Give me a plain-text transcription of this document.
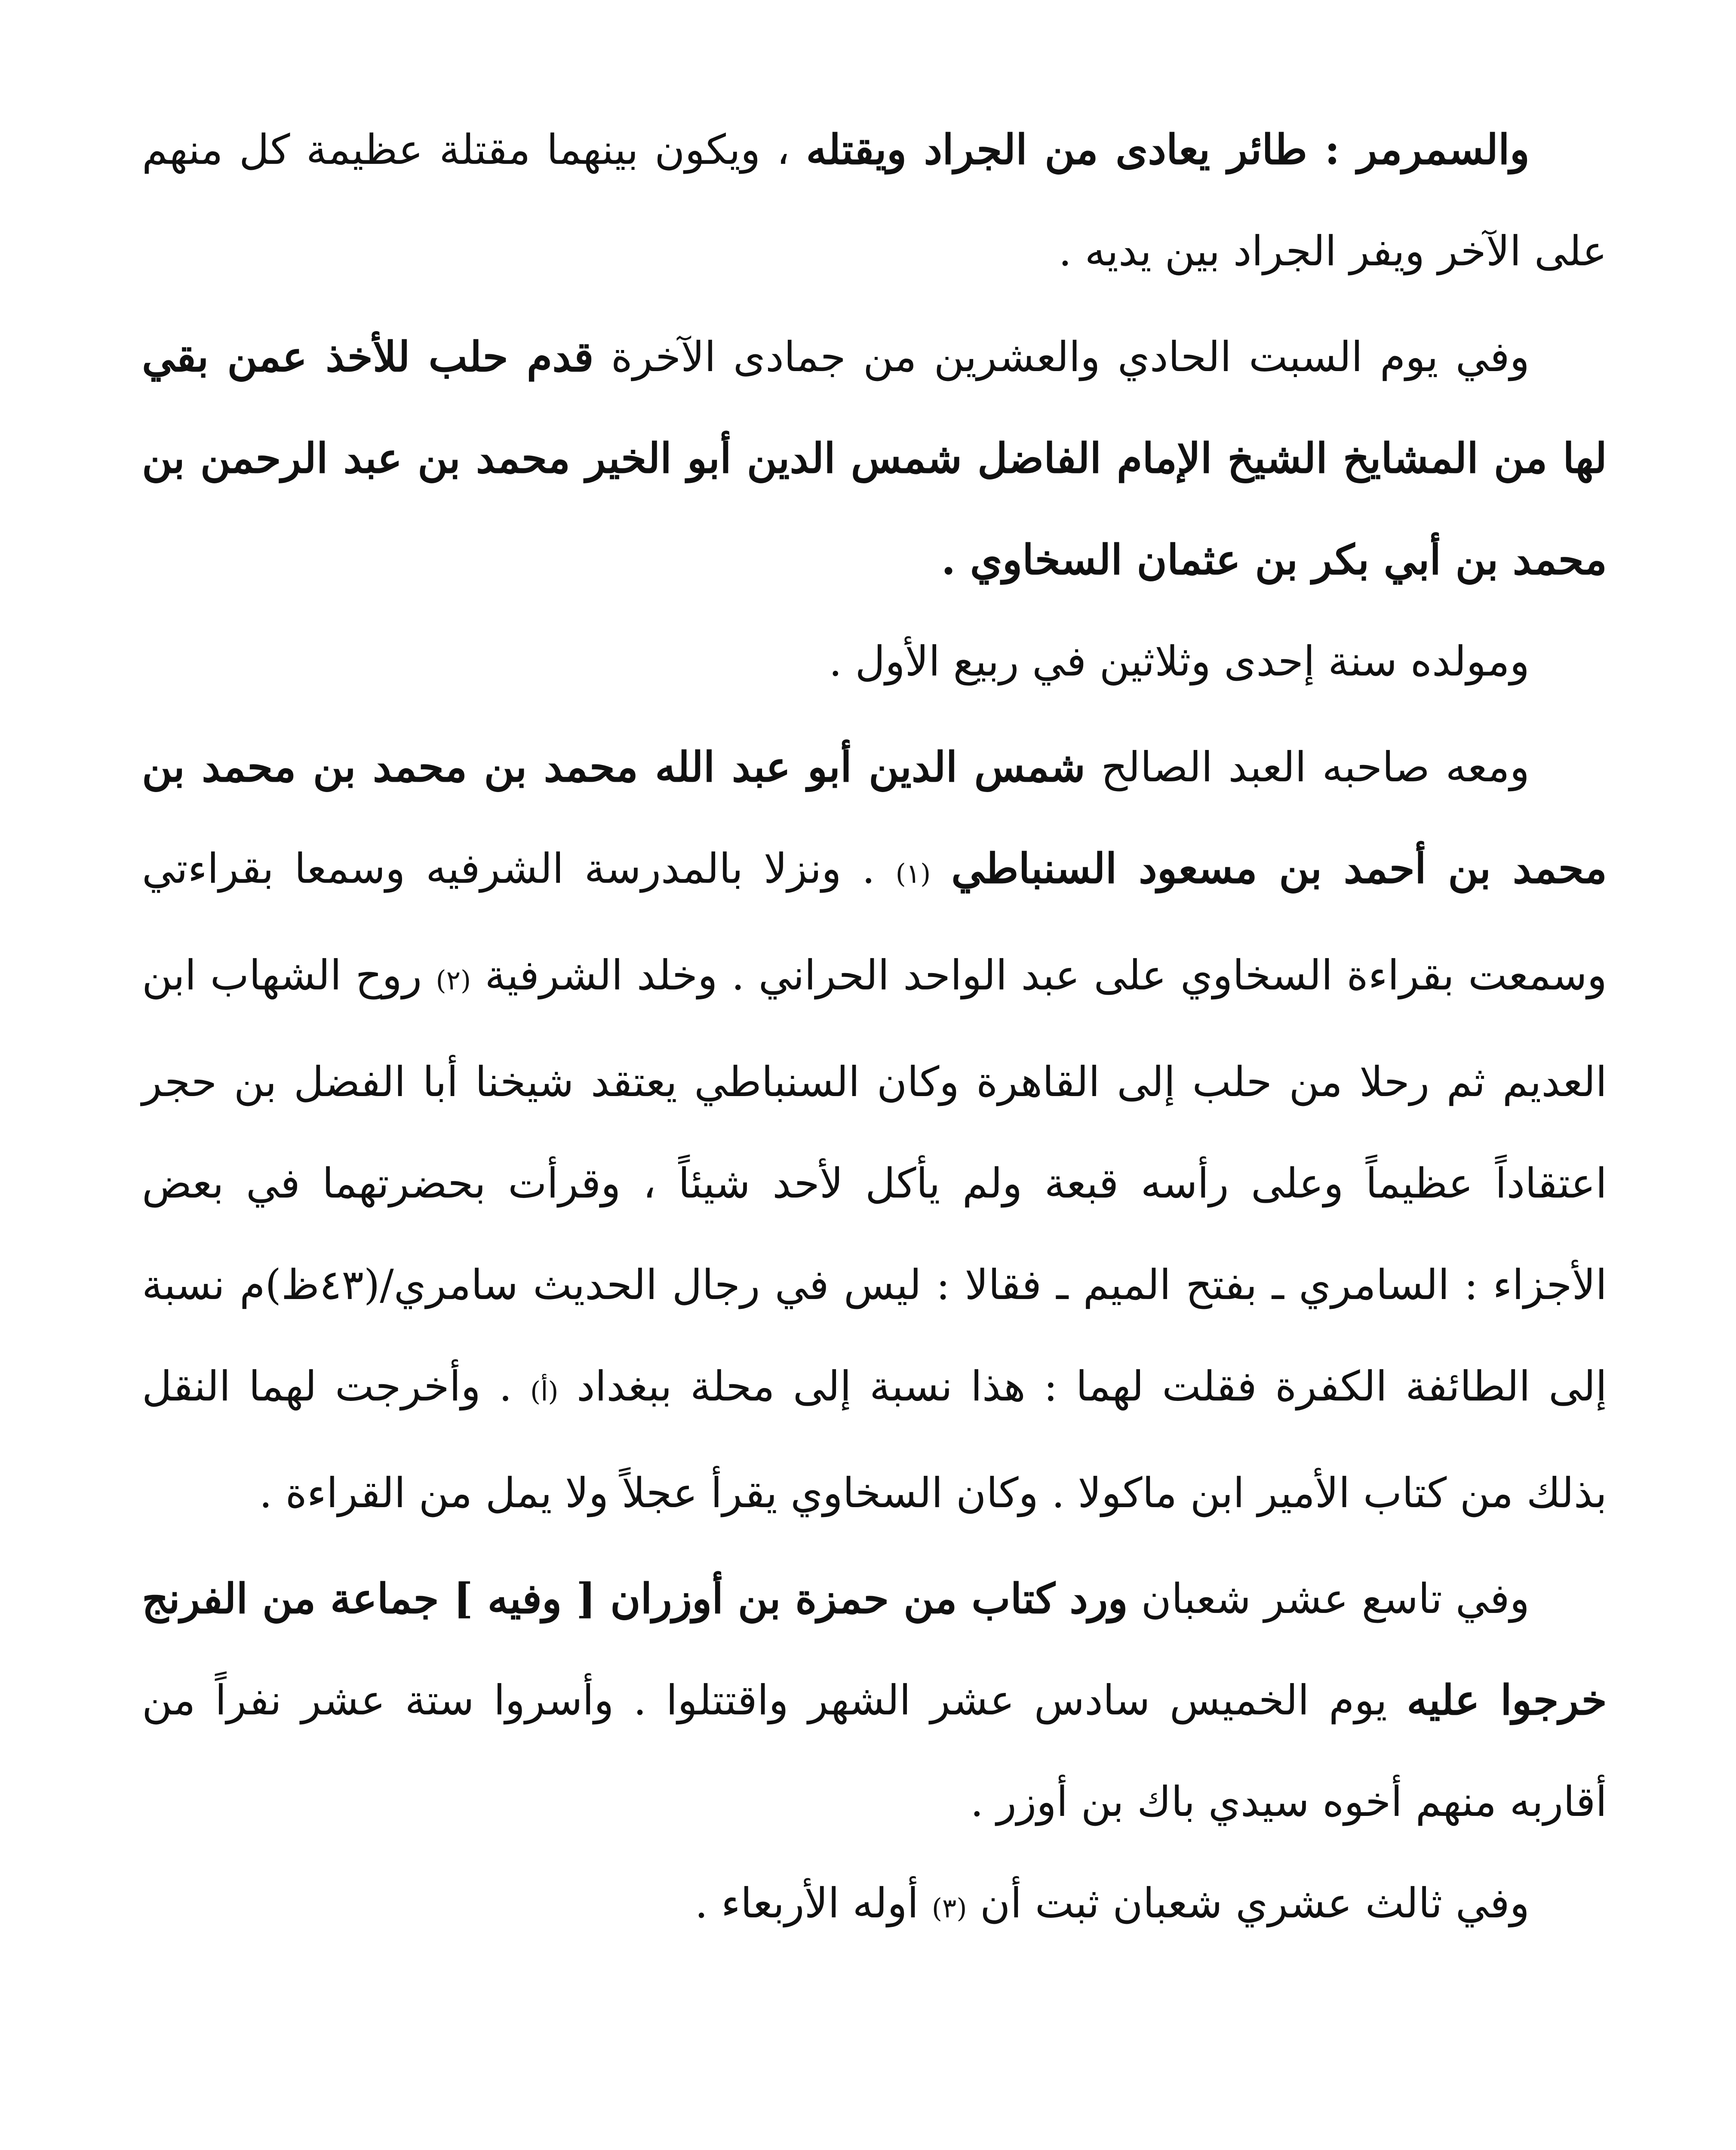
والسمرمر : طائر يعادى من الجراد ويقتله ، ويكون بينهما مقتلة عظيمة كل منهم على الآخر ويفر الجراد بين يديه .

وفي يوم السبت الحادي والعشرين من جمادى الآخرة قدم حلب للأخذ عمن بقي لها من المشايخ الشيخ الإمام الفاضل شمس الدين أبو الخير محمد بن عبد الرحمن بن محمد بن أبي بكر بن عثمان السخاوي .

ومولده سنة إحدى وثلاثين في ربيع الأول .

ومعه صاحبه العبد الصالح شمس الدين أبو عبد الله محمد بن محمد بن محمد بن محمد بن أحمد بن مسعود السنباطي (١) . ونزلا بالمدرسة الشرفيه وسمعا بقراءتي وسمعت بقراءة السخاوي على عبد الواحد الحراني . وخلد الشرفية (٢) روح الشهاب ابن العديم ثم رحلا من حلب إلى القاهرة وكان السنباطي يعتقد شيخنا أبا الفضل بن حجر اعتقاداً عظيماً وعلى رأسه قبعة ولم يأكل لأحد شيئاً ، وقرأت بحضرتهما في بعض الأجزاء : السامري ـ بفتح الميم ـ فقالا : ليس في رجال الحديث سامري/(٤٣ظ)م نسبة إلى الطائفة الكفرة فقلت لهما : هذا نسبة إلى محلة ببغداد (أ) . وأخرجت لهما النقل بذلك من كتاب الأمير ابن ماكولا . وكان السخاوي يقرأ عجلاً ولا يمل من القراءة .

وفي تاسع عشر شعبان ورد كتاب من حمزة بن أوزران [ وفيه ] جماعة من الفرنج خرجوا عليه يوم الخميس سادس عشر الشهر واقتتلوا . وأسروا ستة عشر نفراً من أقاربه منهم أخوه سيدي باك بن أوزر .

وفي ثالث عشري شعبان ثبت أن (٣) أوله الأربعاء .
